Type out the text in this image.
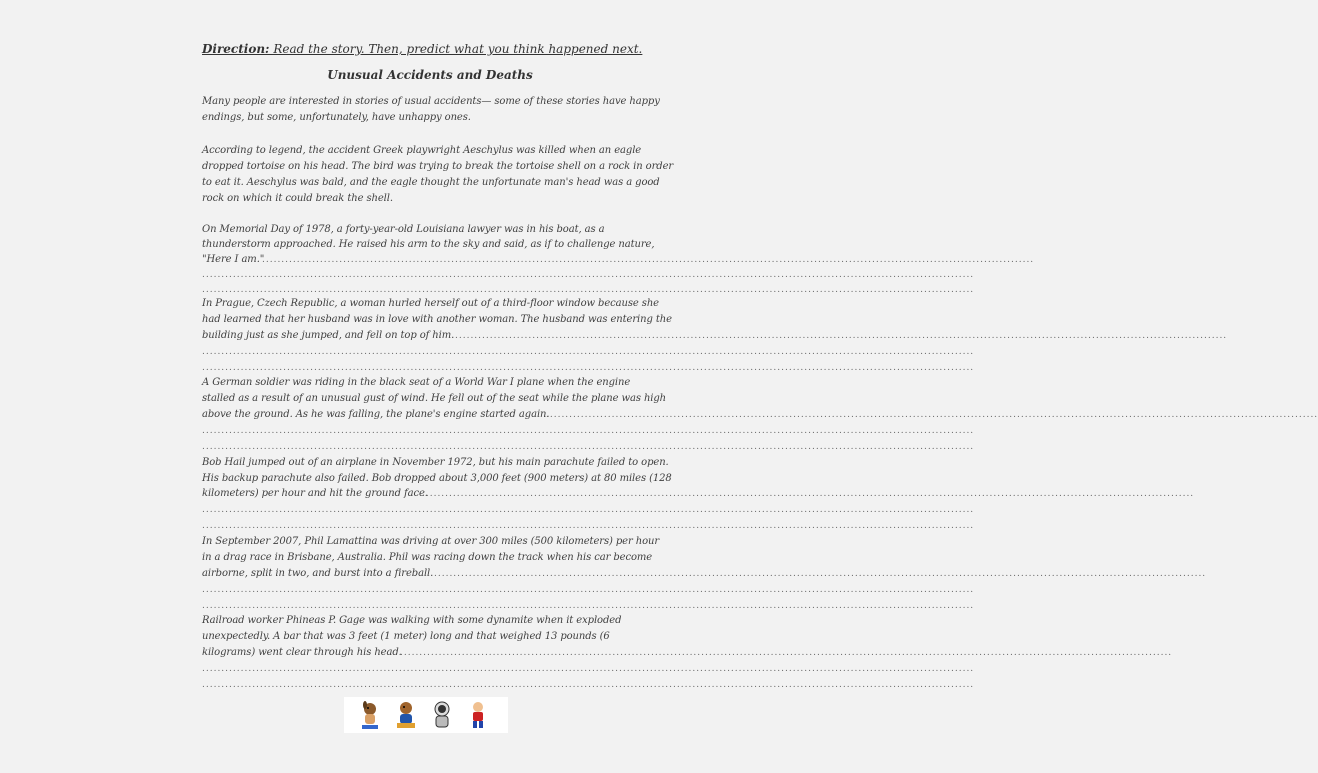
Direction: Read the story. Then, predict what you think happened next.
Unusual Accidents and Deaths
Many people are interested in stories of usual accidents— some of these stories have happy
endings, but some, unfortunately, have unhappy ones.
According to legend, the accident Greek playwright Aeschylus was killed when an eagle
dropped tortoise on his head. The bird was trying to break the tortoise shell on a rock in order
to eat it. Aeschylus was bald, and the eagle thought the unfortunate man's head was a good
rock on which it could break the shell.
On Memorial Day of 1978, a forty-year-old Louisiana lawyer was in his boat, as a
thunderstorm approached. He raised his arm to the sky and said, as if to challenge nature,
"Here I am."
........................................................................................................................................................................................................
........................................................................................................................................................................................................
........................................................................................................................................................................................................
In Prague, Czech Republic, a woman hurled herself out of a third-floor window because she
had learned that her husband was in love with another woman. The husband was entering the
building just as she jumped, and fell on top of him. ........................................................................................................................................................................................................
........................................................................................................................................................................................................
........................................................................................................................................................................................................
A German soldier was riding in the black seat of a World War I plane when the engine
stalled as a result of an unusual gust of wind. He fell out of the seat while the plane was high
above the ground. As he was falling, the plane's engine started again.
........................................................................................................................................................................................................
........................................................................................................................................................................................................
........................................................................................................................................................................................................
Bob Hail jumped out of an airplane in November 1972, but his main parachute failed to open.
His backup parachute also failed. Bob dropped about 3,000 feet (900 meters) at 80 miles (128
kilometers) per hour and hit the ground face.
........................................................................................................................................................................................................
........................................................................................................................................................................................................
........................................................................................................................................................................................................
In September 2007, Phil Lamattina was driving at over 300 miles (500 kilometers) per hour
in a drag race in Brisbane, Australia. Phil was racing down the track when his car become
airborne, split in two, and burst into a fireball. ........................................................................................................................................................................................................
........................................................................................................................................................................................................
........................................................................................................................................................................................................
Railroad worker Phineas P. Gage was walking with some dynamite when it exploded
unexpectedly. A bar that was 3 feet (1 meter) long and that weighed 13 pounds (6
kilograms) went clear through his head.
........................................................................................................................................................................................................
........................................................................................................................................................................................................
........................................................................................................................................................................................................
